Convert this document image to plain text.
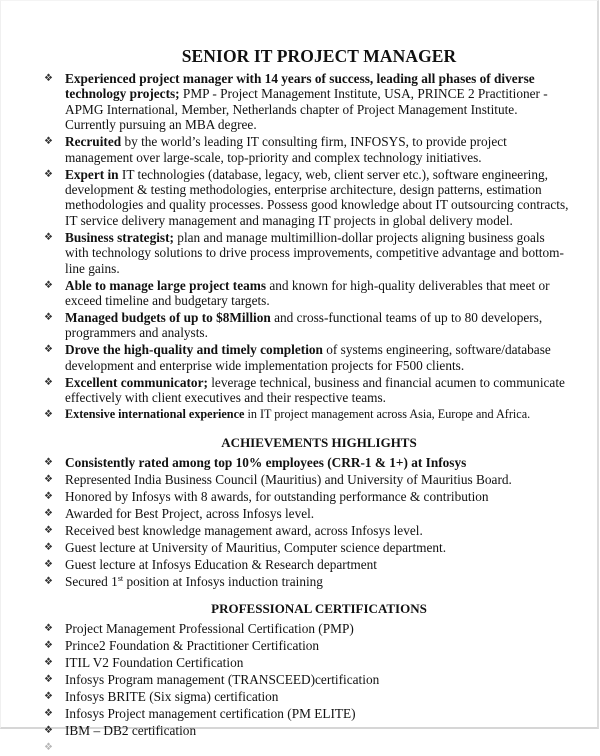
SENIOR IT PROJECT MANAGER
❖ Experienced project manager with 14 years of success, leading all phases of diverse technology projects; PMP - Project Management Institute, USA, PRINCE 2 Practitioner - APMG International, Member, Netherlands chapter of Project Management Institute. Currently pursuing an MBA degree.
❖ Recruited by the world’s leading IT consulting firm, INFOSYS, to provide project management over large-scale, top-priority and complex technology initiatives.
❖ Expert in IT technologies (database, legacy, web, client server etc.), software engineering, development & testing methodologies, enterprise architecture, design patterns, estimation methodologies and quality processes. Possess good knowledge about IT outsourcing contracts, IT service delivery management and managing IT projects in global delivery model.
❖ Business strategist; plan and manage multimillion-dollar projects aligning business goals with technology solutions to drive process improvements, competitive advantage and bottom-line gains.
❖ Able to manage large project teams and known for high-quality deliverables that meet or exceed timeline and budgetary targets.
❖ Managed budgets of up to $8Million and cross-functional teams of up to 80 developers, programmers and analysts.
❖ Drove the high-quality and timely completion of systems engineering, software/database development and enterprise wide implementation projects for F500 clients.
❖ Excellent communicator; leverage technical, business and financial acumen to communicate effectively with client executives and their respective teams.
❖ Extensive international experience in IT project management across Asia, Europe and Africa.
ACHIEVEMENTS HIGHLIGHTS
❖ Consistently rated among top 10% employees (CRR-1 & 1+) at Infosys
❖ Represented India Business Council (Mauritius) and University of Mauritius Board.
❖ Honored by Infosys with 8 awards, for outstanding performance & contribution
❖ Awarded for Best Project, across Infosys level.
❖ Received best knowledge management award, across Infosys level.
❖ Guest lecture at University of Mauritius, Computer science department.
❖ Guest lecture at Infosys Education & Research department
❖ Secured 1st position at Infosys induction training
PROFESSIONAL CERTIFICATIONS
❖ Project Management Professional Certification (PMP)
❖ Prince2 Foundation & Practitioner Certification
❖ ITIL V2 Foundation Certification
❖ Infosys Program management (TRANSCEED)certification
❖ Infosys BRITE (Six sigma) certification
❖ Infosys Project management certification (PM ELITE)
❖ IBM – DB2 certification
❖
